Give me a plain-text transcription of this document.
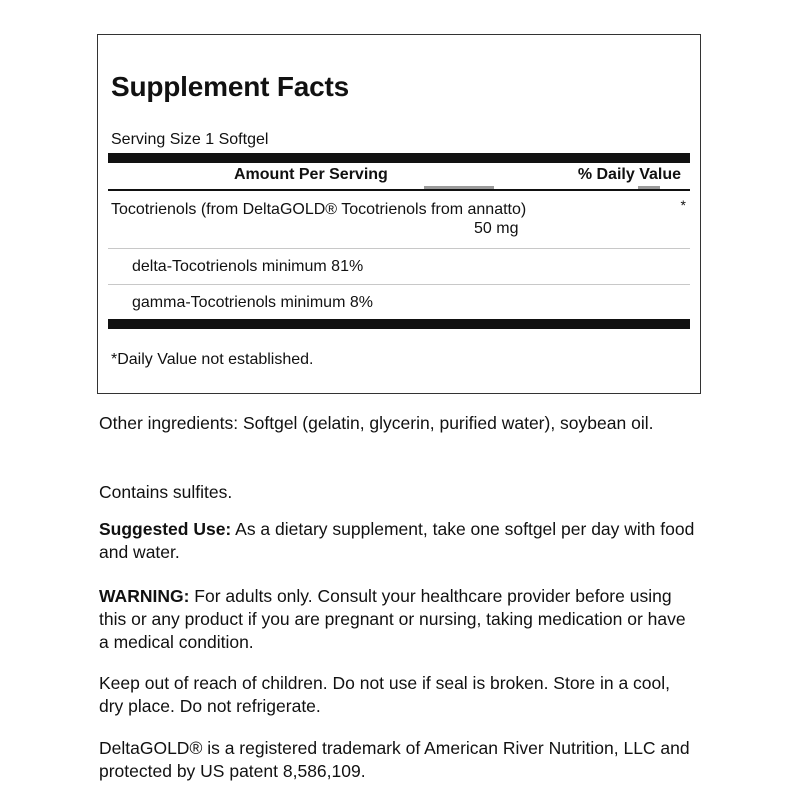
Supplement Facts
Serving Size 1 Softgel
Amount Per Serving	% Daily Value
Tocotrienols (from DeltaGOLD® Tocotrienols from annatto)
50 mg
*
delta-Tocotrienols minimum 81%
gamma-Tocotrienols minimum 8%
*Daily Value not established.

Other ingredients: Softgel (gelatin, glycerin, purified water), soybean oil.

Contains sulfites.

Suggested Use: As a dietary supplement, take one softgel per day with food and water.

WARNING: For adults only. Consult your healthcare provider before using this or any product if you are pregnant or nursing, taking medication or have a medical condition.

Keep out of reach of children. Do not use if seal is broken. Store in a cool, dry place. Do not refrigerate.

DeltaGOLD® is a registered trademark of American River Nutrition, LLC and protected by US patent 8,586,109.
